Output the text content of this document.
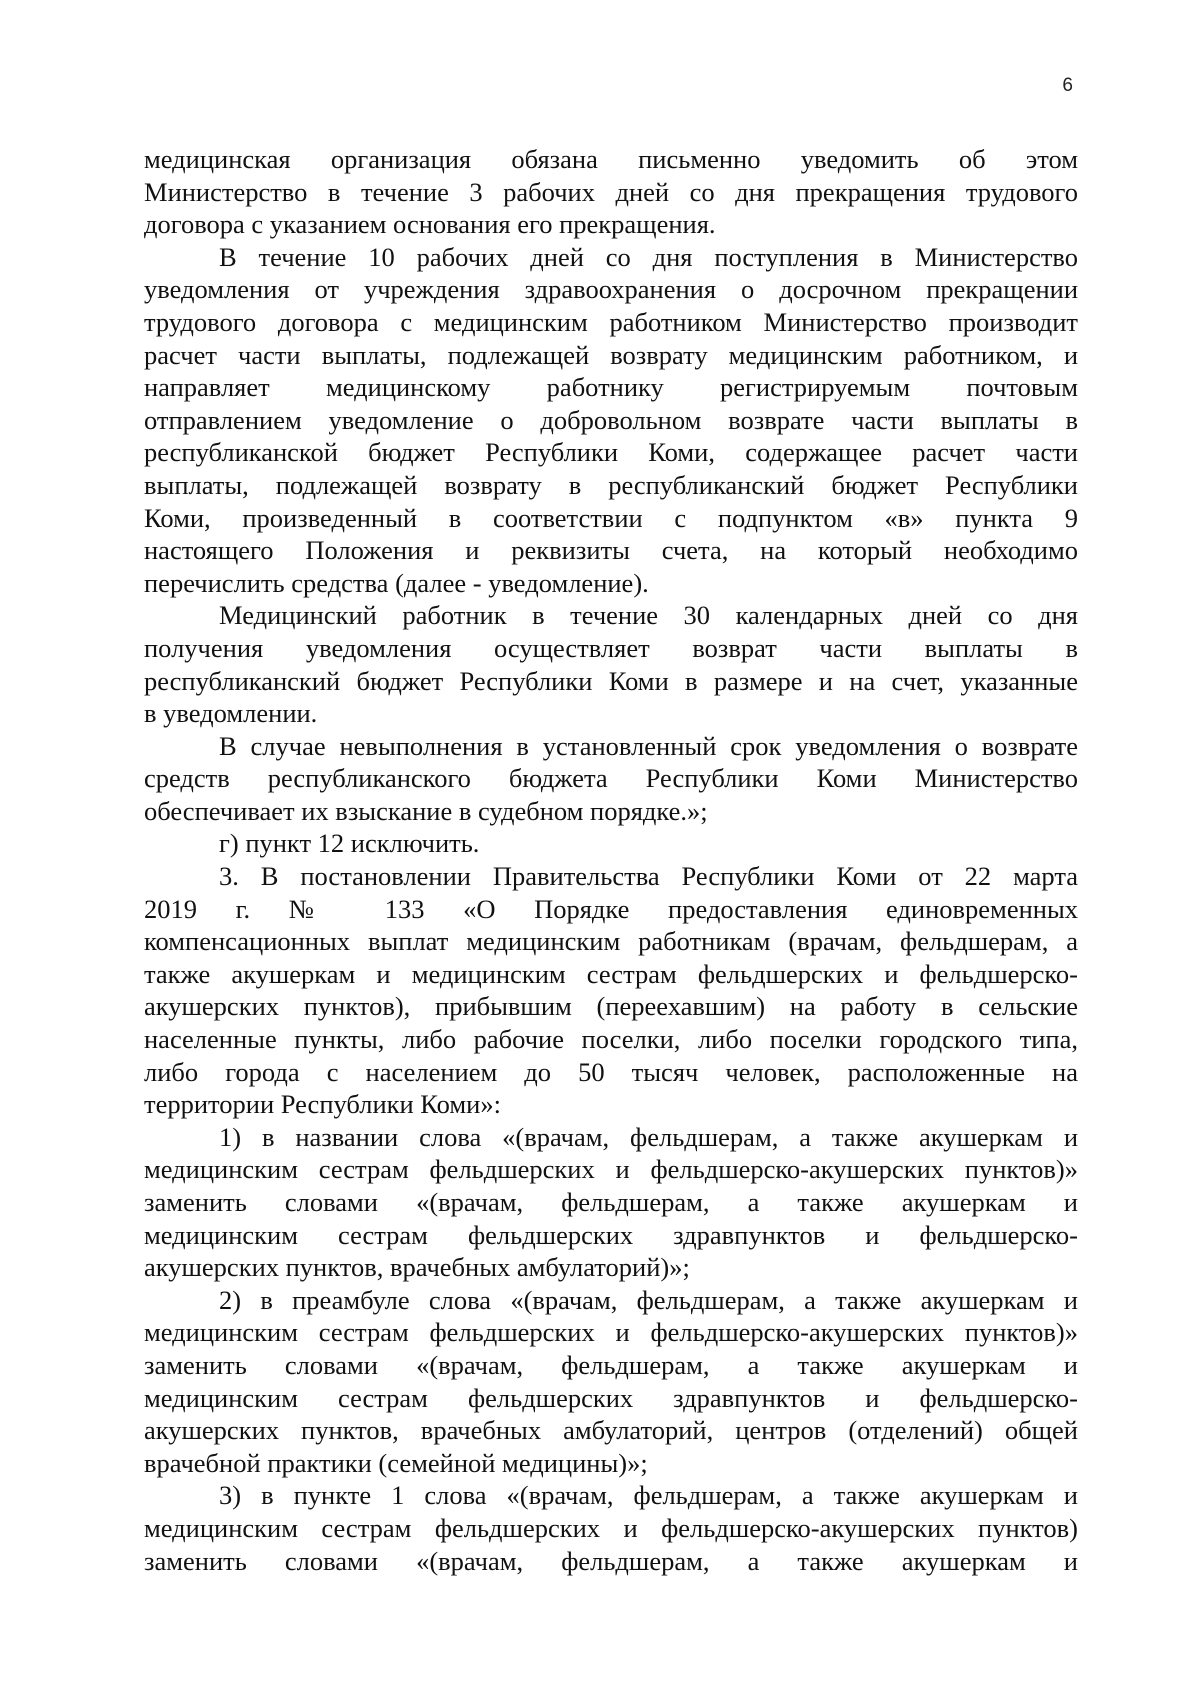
6
медицинская организация обязана письменно уведомить об этом
Министерство в течение 3 рабочих дней со дня прекращения трудового
договора с указанием основания его прекращения.
В течение 10 рабочих дней со дня поступления в Министерство
уведомления от учреждения здравоохранения о досрочном прекращении
трудового договора с медицинским работником Министерство производит
расчет части выплаты, подлежащей возврату медицинским работником, и
направляет медицинскому работнику регистрируемым почтовым
отправлением уведомление о добровольном возврате части выплаты в
республиканской бюджет Республики Коми, содержащее расчет части
выплаты, подлежащей возврату в республиканский бюджет Республики
Коми, произведенный в соответствии с подпунктом «в» пункта 9
настоящего Положения и реквизиты счета, на который необходимо
перечислить средства (далее - уведомление).
Медицинский работник в течение 30 календарных дней со дня
получения уведомления осуществляет возврат части выплаты в
республиканский бюджет Республики Коми в размере и на счет, указанные
в уведомлении.
В случае невыполнения в установленный срок уведомления о возврате
средств республиканского бюджета Республики Коми Министерство
обеспечивает их взыскание в судебном порядке.»;
г) пункт 12 исключить.
3. В постановлении Правительства Республики Коми от 22 марта
2019 г. № 133 «О Порядке предоставления единовременных
компенсационных выплат медицинским работникам (врачам, фельдшерам, а
также акушеркам и медицинским сестрам фельдшерских и фельдшерско-
акушерских пунктов), прибывшим (переехавшим) на работу в сельские
населенные пункты, либо рабочие поселки, либо поселки городского типа,
либо города с населением до 50 тысяч человек, расположенные на
территории Республики Коми»:
1) в названии слова «(врачам, фельдшерам, а также акушеркам и
медицинским сестрам фельдшерских и фельдшерско-акушерских пунктов)»
заменить словами «(врачам, фельдшерам, а также акушеркам и
медицинским сестрам фельдшерских здравпунктов и фельдшерско-
акушерских пунктов, врачебных амбулаторий)»;
2) в преамбуле слова «(врачам, фельдшерам, а также акушеркам и
медицинским сестрам фельдшерских и фельдшерско-акушерских пунктов)»
заменить словами «(врачам, фельдшерам, а также акушеркам и
медицинским сестрам фельдшерских здравпунктов и фельдшерско-
акушерских пунктов, врачебных амбулаторий, центров (отделений) общей
врачебной практики (семейной медицины)»;
3) в пункте 1 слова «(врачам, фельдшерам, а также акушеркам и
медицинским сестрам фельдшерских и фельдшерско-акушерских пунктов)
заменить словами «(врачам, фельдшерам, а также акушеркам и
